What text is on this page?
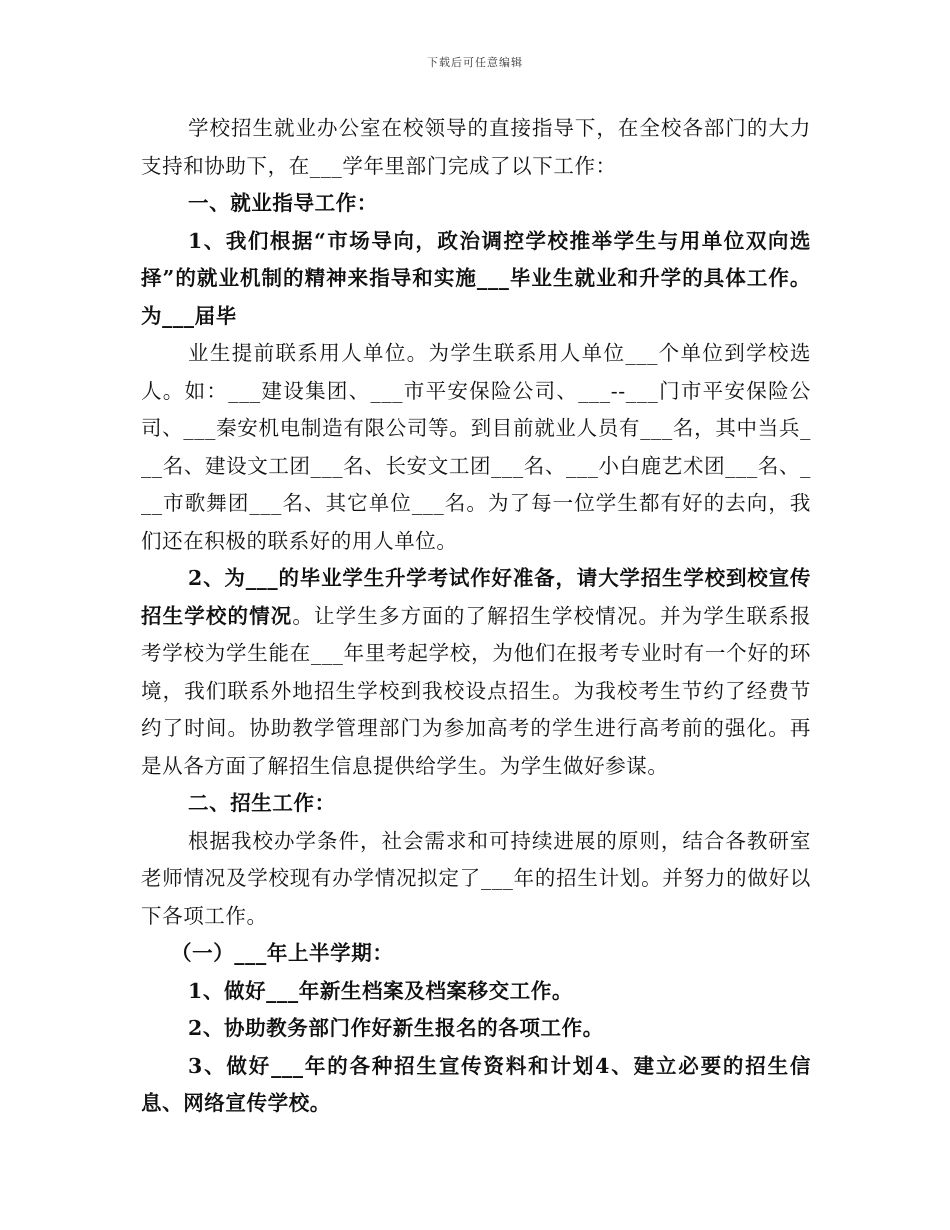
下载后可任意编辑

学校招生就业办公室在校领导的直接指导下，在全校各部门的大力支持和协助下，在___学年里部门完成了以下工作：

一、就业指导工作：

1、我们根据“市场导向，政治调控学校推举学生与用单位双向选择”的就业机制的精神来指导和实施___毕业生就业和升学的具体工作。为___届毕

业生提前联系用人单位。为学生联系用人单位___个单位到学校选人。如：___建设集团、___市平安保险公司、___--___门市平安保险公司、___秦安机电制造有限公司等。到目前就业人员有___名，其中当兵___名、建设文工团___名、长安文工团___名、___小白鹿艺术团___名、___市歌舞团___名、其它单位___名。为了每一位学生都有好的去向，我们还在积极的联系好的用人单位。

2、为___的毕业学生升学考试作好准备，请大学招生学校到校宣传招生学校的情况。让学生多方面的了解招生学校情况。并为学生联系报考学校为学生能在___年里考起学校，为他们在报考专业时有一个好的环境，我们联系外地招生学校到我校设点招生。为我校考生节约了经费节约了时间。协助教学管理部门为参加高考的学生进行高考前的强化。再是从各方面了解招生信息提供给学生。为学生做好参谋。

二、招生工作：

根据我校办学条件，社会需求和可持续进展的原则，结合各教研室老师情况及学校现有办学情况拟定了___年的招生计划。并努力的做好以下各项工作。

（一）___年上半学期：

1、做好___年新生档案及档案移交工作。

2、协助教务部门作好新生报名的各项工作。

3、做好___年的各种招生宣传资料和计划4、建立必要的招生信息、网络宣传学校。
